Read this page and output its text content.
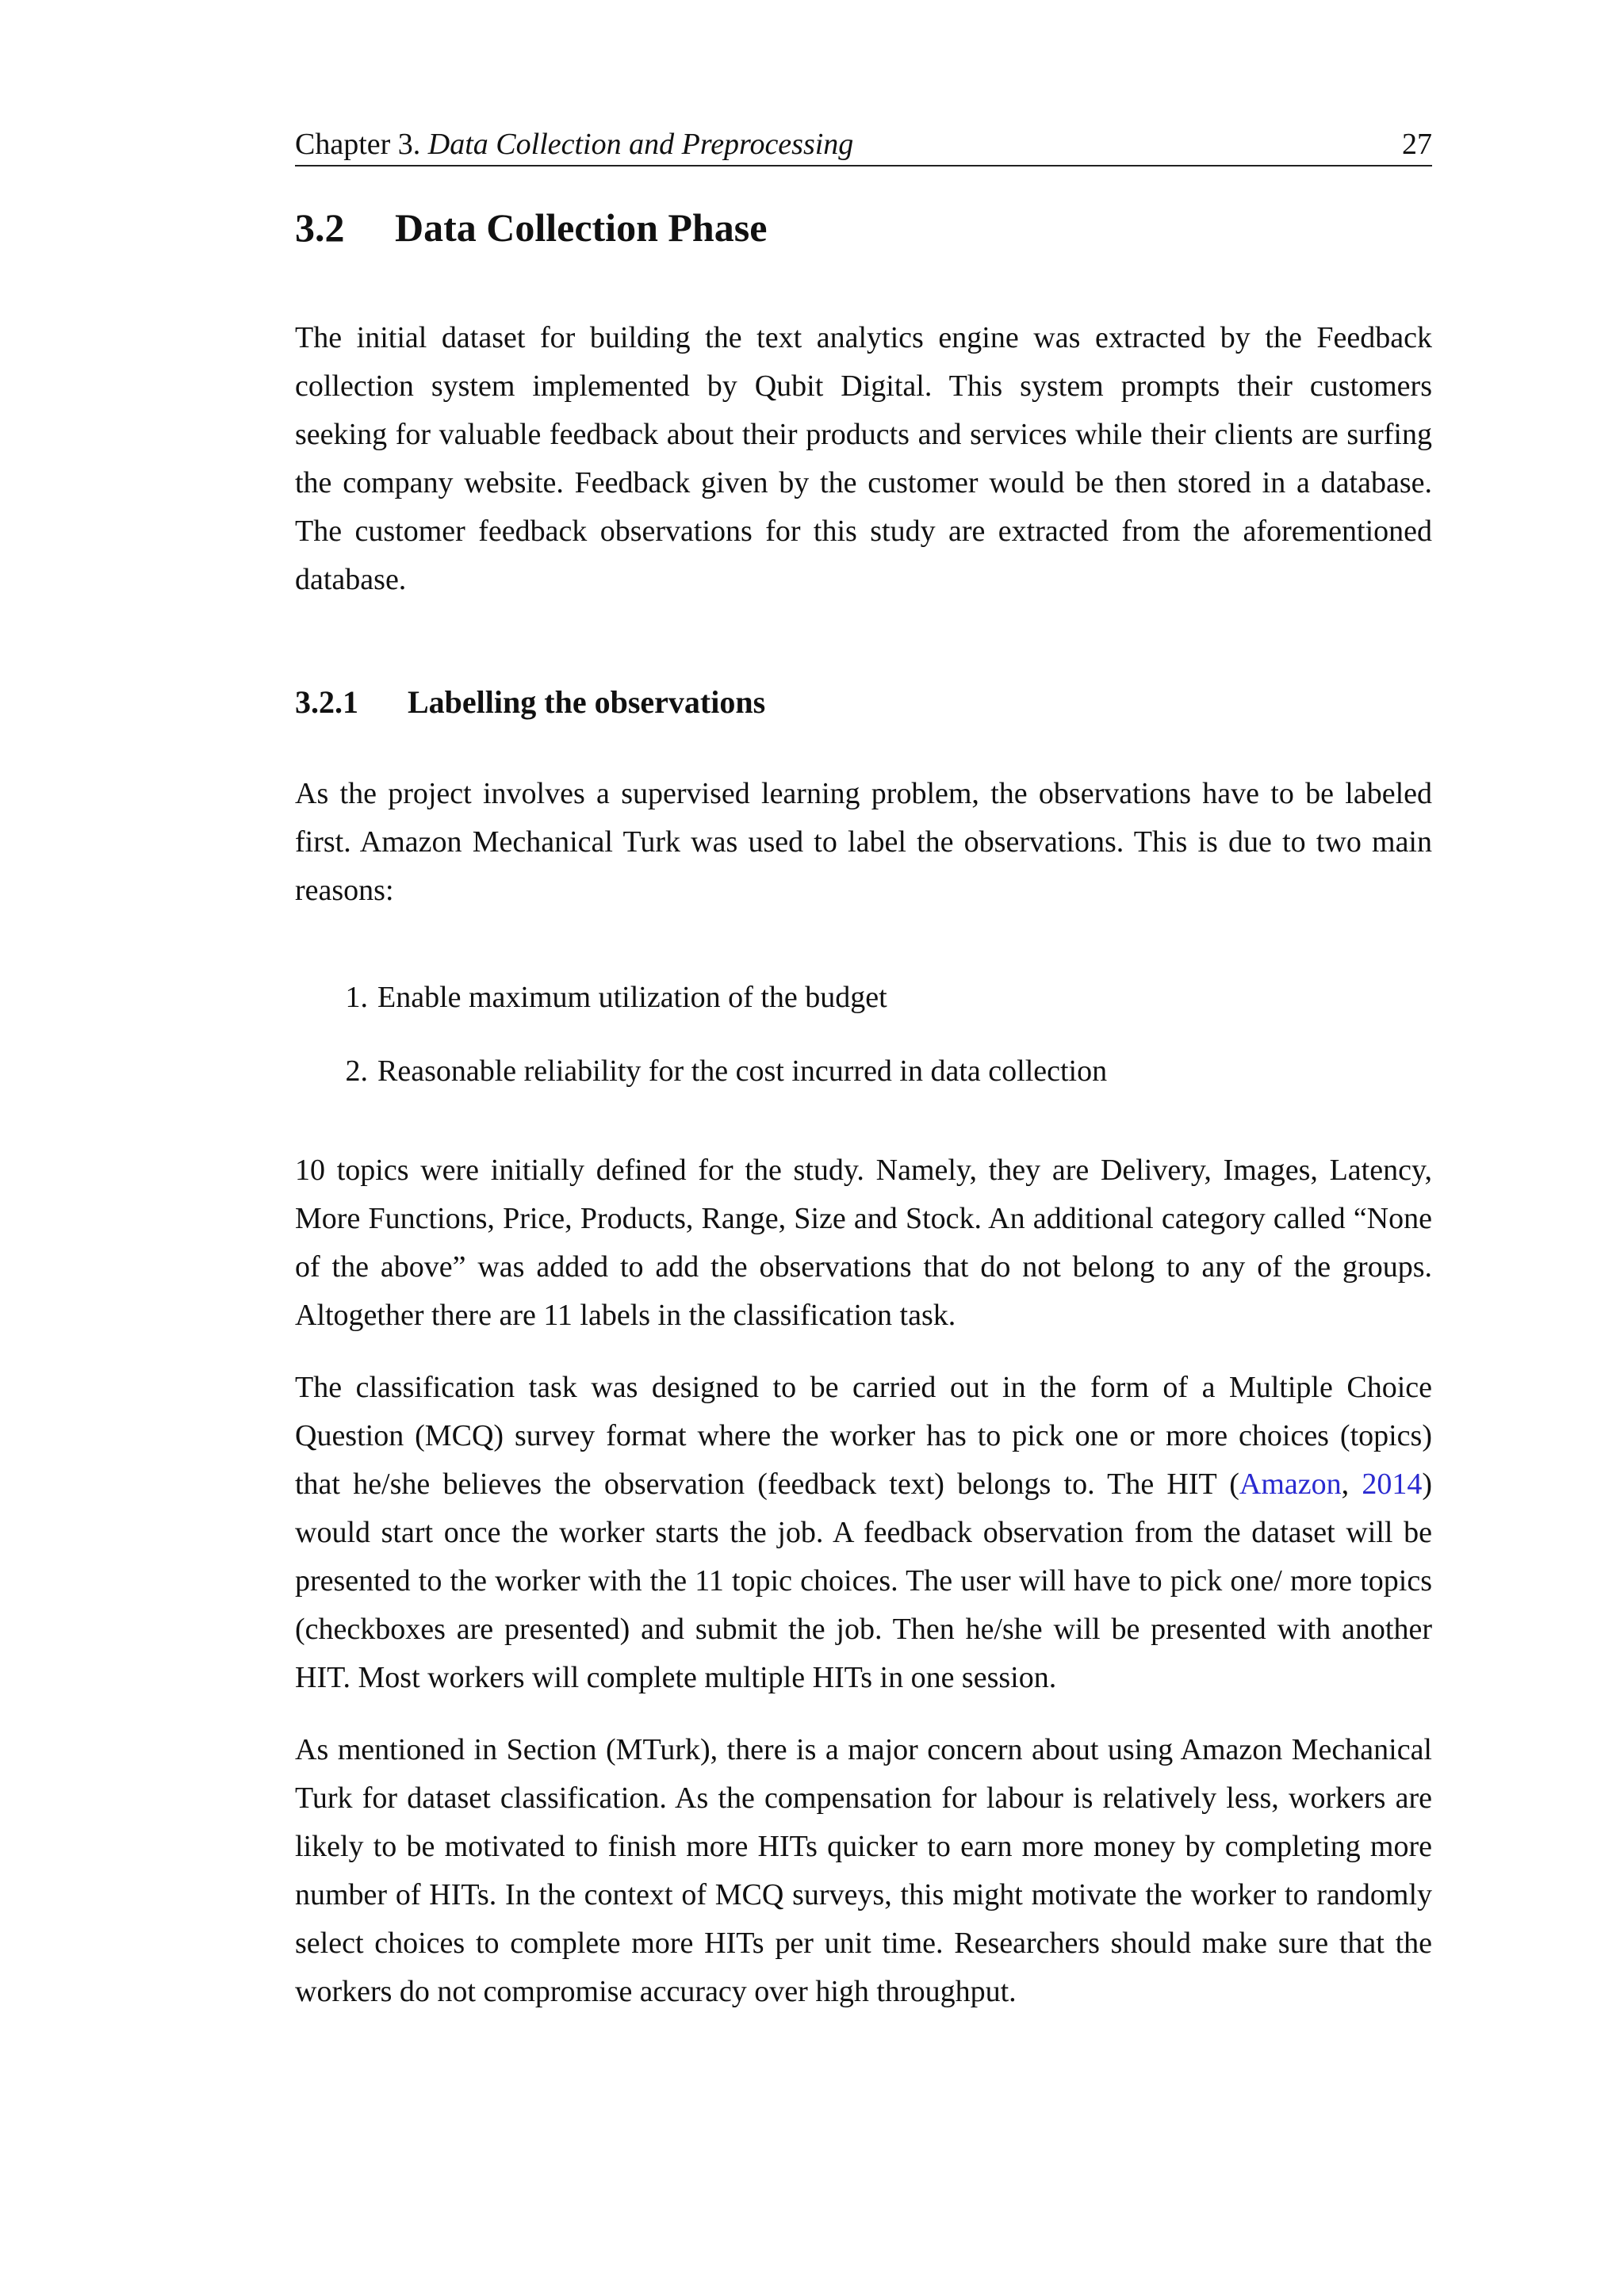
Chapter 3. Data Collection and Preprocessing	27
3.2	Data Collection Phase

The initial dataset for building the text analytics engine was extracted by the Feedback collection system implemented by Qubit Digital. This system prompts their customers seeking for valuable feedback about their products and services while their clients are surfing the company website. Feedback given by the customer would be then stored in a database. The customer feedback observations for this study are extracted from the aforementioned database.

3.2.1	Labelling the observations

As the project involves a supervised learning problem, the observations have to be labeled first. Amazon Mechanical Turk was used to label the observations. This is due to two main reasons:

1. Enable maximum utilization of the budget
2. Reasonable reliability for the cost incurred in data collection

10 topics were initially defined for the study. Namely, they are Delivery, Images, Latency, More Functions, Price, Products, Range, Size and Stock. An additional category called “None of the above” was added to add the observations that do not belong to any of the groups. Altogether there are 11 labels in the classification task.

The classification task was designed to be carried out in the form of a Multiple Choice Question (MCQ) survey format where the worker has to pick one or more choices (topics) that he/she believes the observation (feedback text) belongs to. The HIT (Amazon, 2014) would start once the worker starts the job. A feedback observation from the dataset will be presented to the worker with the 11 topic choices. The user will have to pick one/ more topics (checkboxes are presented) and submit the job. Then he/she will be presented with another HIT. Most workers will complete multiple HITs in one session.

As mentioned in Section (MTurk), there is a major concern about using Amazon Mechanical Turk for dataset classification. As the compensation for labour is relatively less, workers are likely to be motivated to finish more HITs quicker to earn more money by completing more number of HITs. In the context of MCQ surveys, this might motivate the worker to randomly select choices to complete more HITs per unit time. Researchers should make sure that the workers do not compromise accuracy over high throughput.
